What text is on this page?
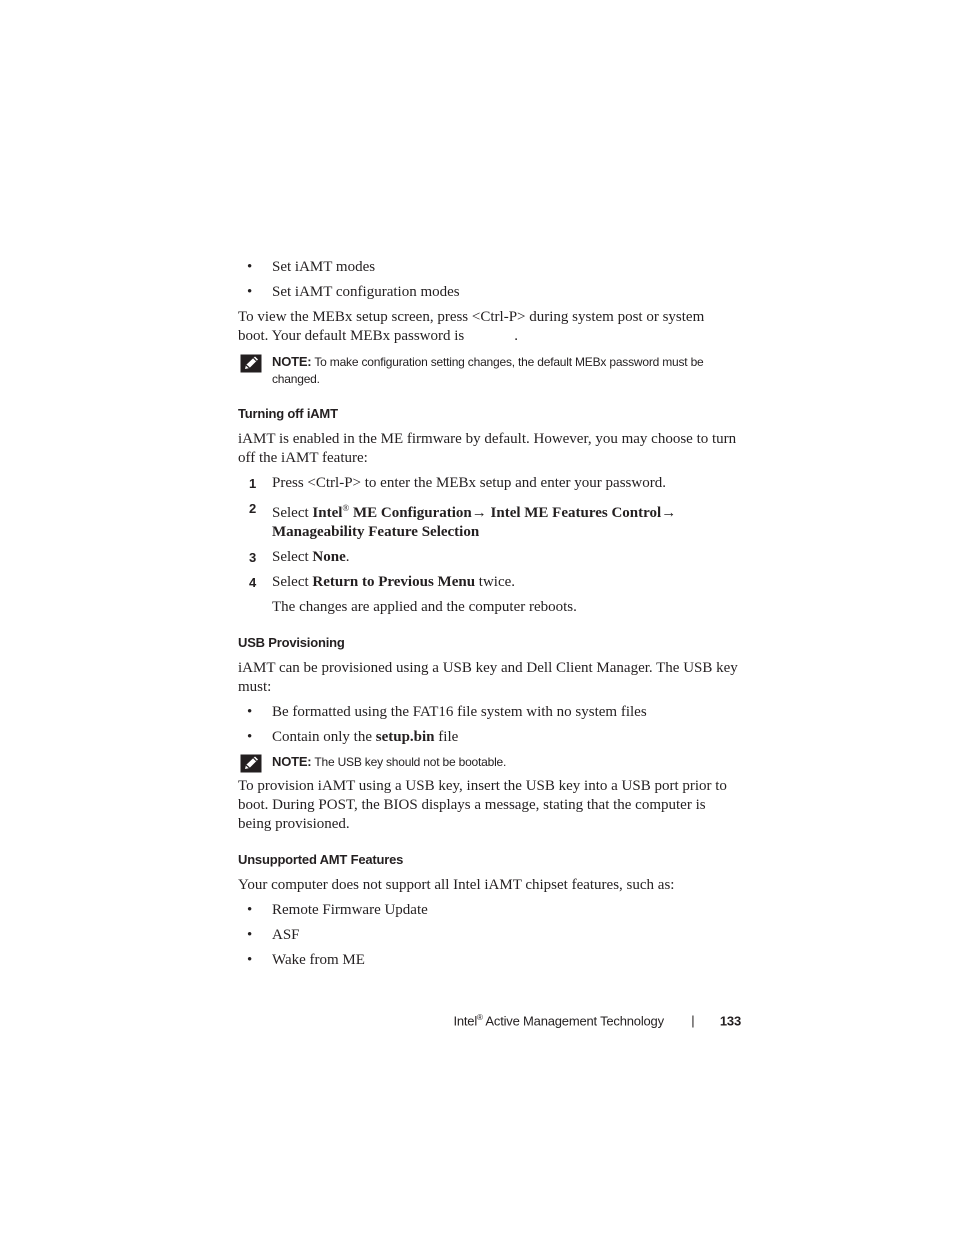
• Set iAMT modes
• Set iAMT configuration modes

To view the MEBx setup screen, press <Ctrl-P> during system post or system boot. Your default MEBx password is	.

NOTE: To make configuration setting changes, the default MEBx password must be changed.
Turning off iAMT

iAMT is enabled in the ME firmware by default. However, you may choose to turn off the iAMT feature:

1 Press <Ctrl-P> to enter the MEBx setup and enter your password.
2 Select Intel® ME Configuration→ Intel ME Features Control→ Manageability Feature Selection
3 Select None.
4 Select Return to Previous Menu twice.

The changes are applied and the computer reboots.

USB Provisioning

iAMT can be provisioned using a USB key and Dell Client Manager. The USB key must:

• Be formatted using the FAT16 file system with no system files
• Contain only the setup.bin file
NOTE: The USB key should not be bootable.

To provision iAMT using a USB key, insert the USB key into a USB port prior to boot. During POST, the BIOS displays a message, stating that the computer is being provisioned.

Unsupported AMT Features

Your computer does not support all Intel iAMT chipset features, such as:

• Remote Firmware Update
• ASF
• Wake from ME
Intel® Active Management Technology | 133
